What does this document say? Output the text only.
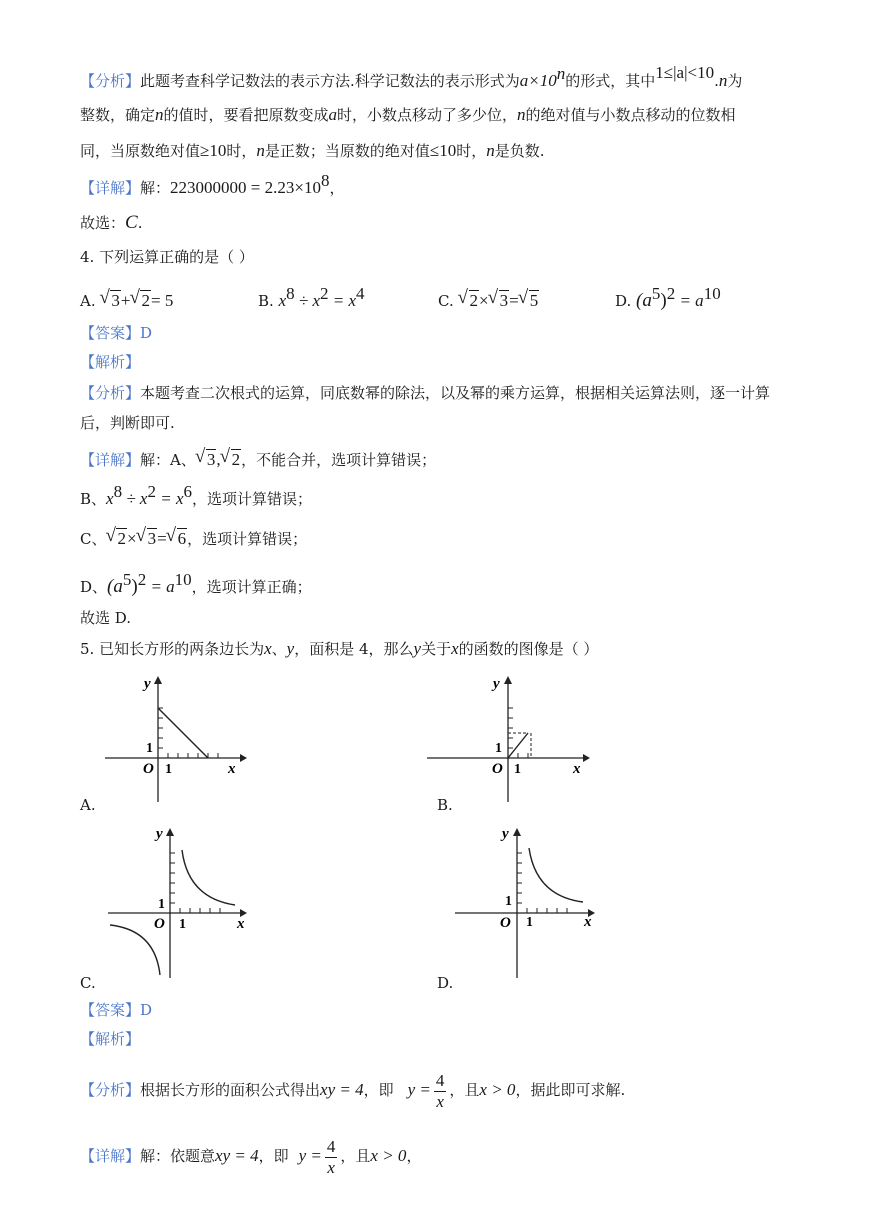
【分析】此题考查科学记数法的表示方法.科学记数法的表示形式为$a\times 10^n$的形式，其中1≤|a|<10.n为
整数，确定n的值时，要看把原数变成a时，小数点移动了多少位，n的绝对值与小数点移动的位数相
同，当原数绝对值≥10时，n是正数；当原数的绝对值≤10时，n是负数.
【详解】解：$223000000 = 2.23\times 10^8$，
故选：C.
4. 下列运算正确的是（ ）
A. √ 3+ √ 2= 5	B. $x^8 \div x^2 = x^4$	C. √ 2× √ 3= √ 5	D. $(a^5)^2 = a^{10}$
【答案】D
【解析】
【分析】本题考查二次根式的运算，同底数幂的除法，以及幂的乘方运算，根据相关运算法则，逐一计算
后，判断即可.
【详解】解：A、 √ 3, √ 2，不能合并，选项计算错误；
B、$x^8 \div x^2 = x^6$，选项计算错误；
C、 √ 2× √ 3= √ 6，选项计算错误；
D、$(a^5)^2 = a^{10}$，选项计算正确；
故选 D.
5. 已知长方形的两条边长为x、y，面积是 4，那么y关于x的函数的图像是（ ）
y
x
O 1
1
A.
y
x
O 1
1
B.
y
x
O 1
1
C.
y
x
O 1
1
D.
【答案】D
【解析】
【分析】根据长方形的面积公式得出xy = 4，即 $y = \frac{4}{x}$ ，且x > 0，据此即可求解.
【详解】解：依题意xy = 4，即 $y = \frac{4}{x}$ ，且x > 0，
